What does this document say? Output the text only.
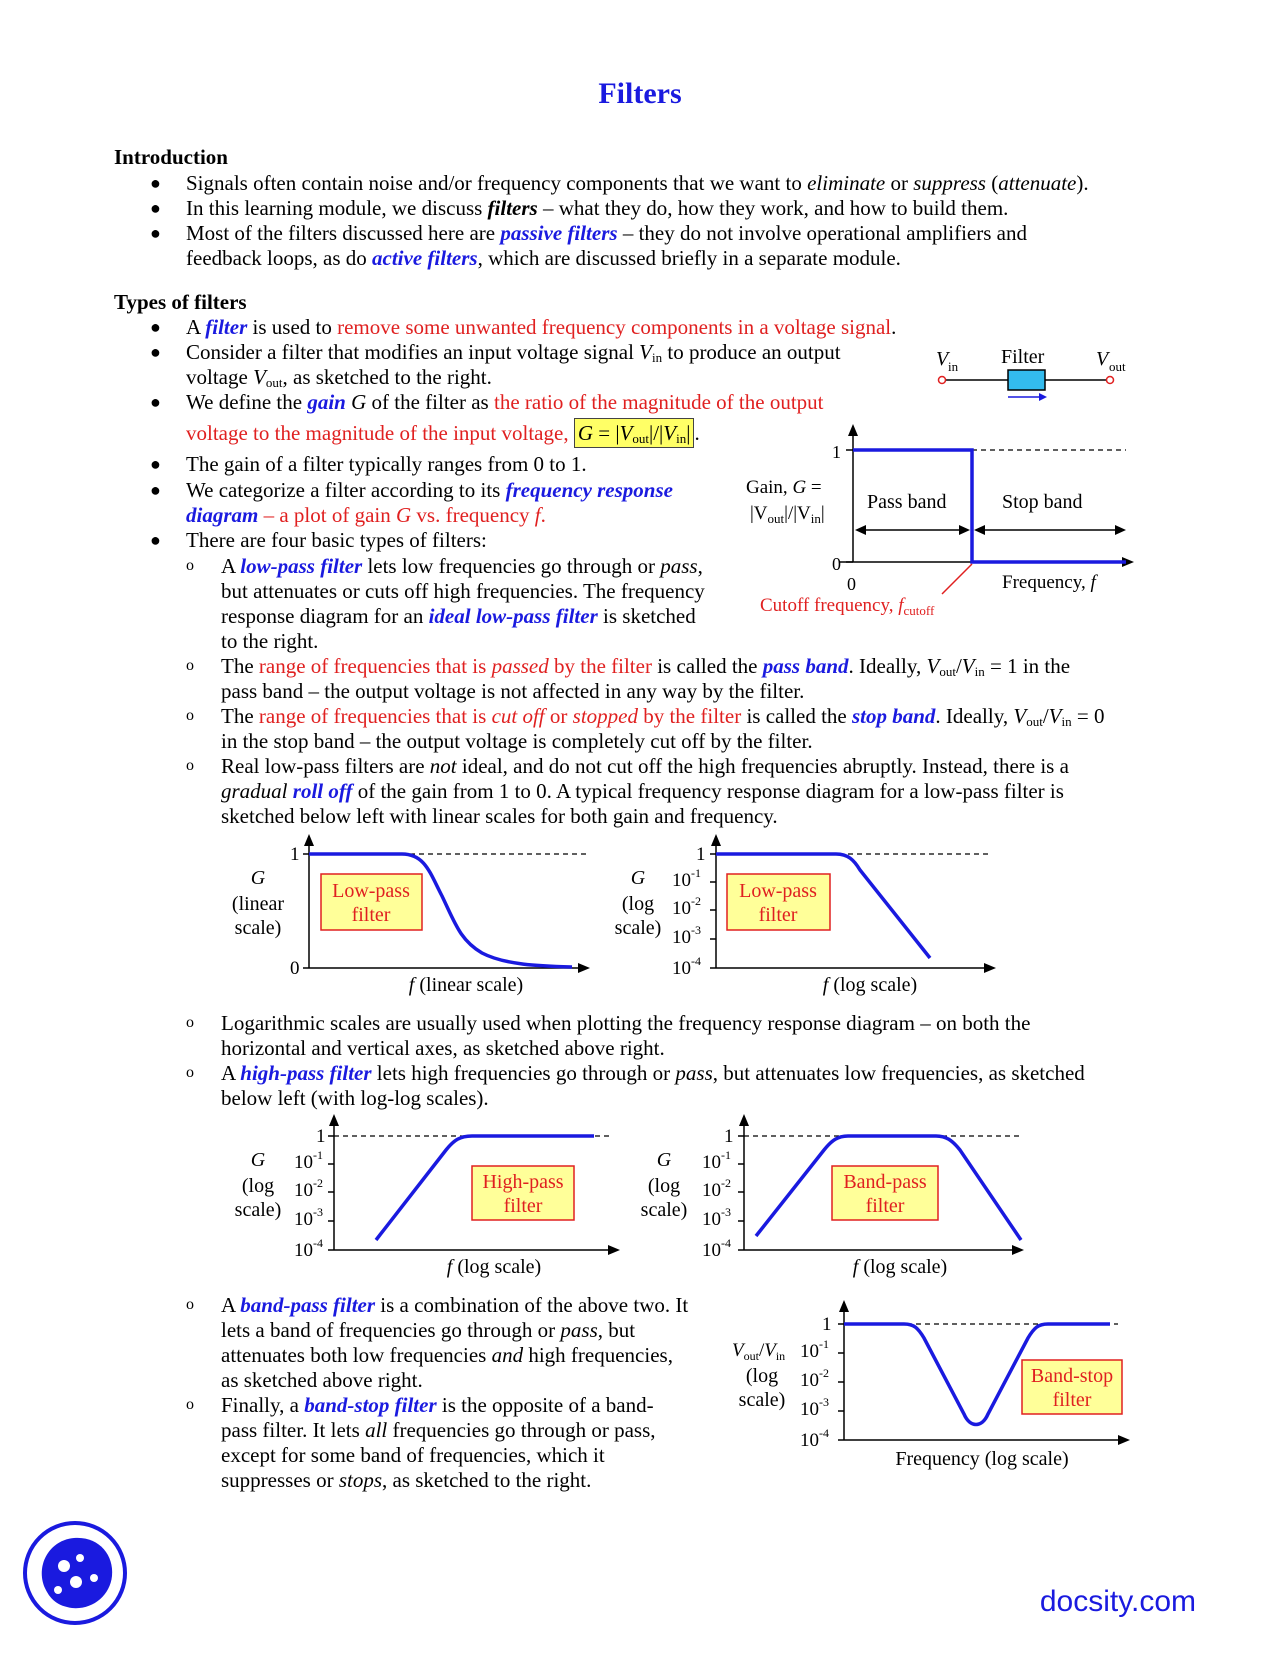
Filters
Introduction
● Signals often contain noise and/or frequency components that we want to eliminate or suppress (attenuate).
● In this learning module, we discuss filters – what they do, how they work, and how to build them.
● Most of the filters discussed here are passive filters – they do not involve operational amplifiers and
feedback loops, as do active filters, which are discussed briefly in a separate module.
Types of filters
● A filter is used to remove some unwanted frequency components in a voltage signal.
● Consider a filter that modifies an input voltage signal $V_{in}$ to produce an output
voltage $V_{out}$, as sketched to the right.
● We define the gain G of the filter as the ratio of the magnitude of the output
voltage to the magnitude of the input voltage, $G = |V_{out}|/|V_{in}|$ .
● The gain of a filter typically ranges from 0 to 1.
● We categorize a filter according to its frequency response
diagram – a plot of gain G vs. frequency f.
● There are four basic types of filters:
o A low-pass filter lets low frequencies go through or pass,
but attenuates or cuts off high frequencies. The frequency
response diagram for an ideal low-pass filter is sketched
to the right.
o The range of frequencies that is passed by the filter is called the pass band. Ideally, $V_{out}/V_{in} = 1$ in the
pass band – the output voltage is not affected in any way by the filter.
o The range of frequencies that is cut off or stopped by the filter is called the stop band. Ideally, $V_{out}/V_{in} = 0$
in the stop band – the output voltage is completely cut off by the filter.
o Real low-pass filters are not ideal, and do not cut off the high frequencies abruptly. Instead, there is a
gradual roll off of the gain from 1 to 0. A typical frequency response diagram for a low-pass filter is
sketched below left with linear scales for both gain and frequency.
o Logarithmic scales are usually used when plotting the frequency response diagram – on both the
horizontal and vertical axes, as sketched above right.
o A high-pass filter lets high frequencies go through or pass, but attenuates low frequencies, as sketched
below left (with log-log scales).
o A band-pass filter is a combination of the above two. It
lets a band of frequencies go through or pass, but
attenuates both low frequencies and high frequencies,
as sketched above right.
o Finally, a band-stop filter is the opposite of a band-
pass filter. It lets all frequencies go through or pass,
except for some band of frequencies, which it
suppresses or stops, as sketched to the right.
V in Filter	V out
1
0
0
Gain, G =
$|V_{out}|/|V_{in}|$
Pass band	Stop band
Frequency, f
Cutoff frequency, $f_{cutoff}$
Low-pass
filter
1
0
G
(linear
scale)
f (linear scale)
Low-pass
filter
1
$10^{-1}$
$10^{-2}$
$10^{-3}$
$10^{-4}$
G
(log
scale)
f (log scale)
High-pass
filter
1
$10^{-1}$
$10^{-2}$
$10^{-3}$
$10^{-4}$
G
(log
scale)
f (log scale)
Band-pass
filter
1
$10^{-1}$
$10^{-2}$
$10^{-3}$
$10^{-4}$
G
(log
scale)
f (log scale)
Band-stop
filter
1
$10^{-1}$
$10^{-2}$
$10^{-3}$
$10^{-4}$
$V_{out}/V_{in}$
(log
scale)
Frequency (log scale)
docsity.com
